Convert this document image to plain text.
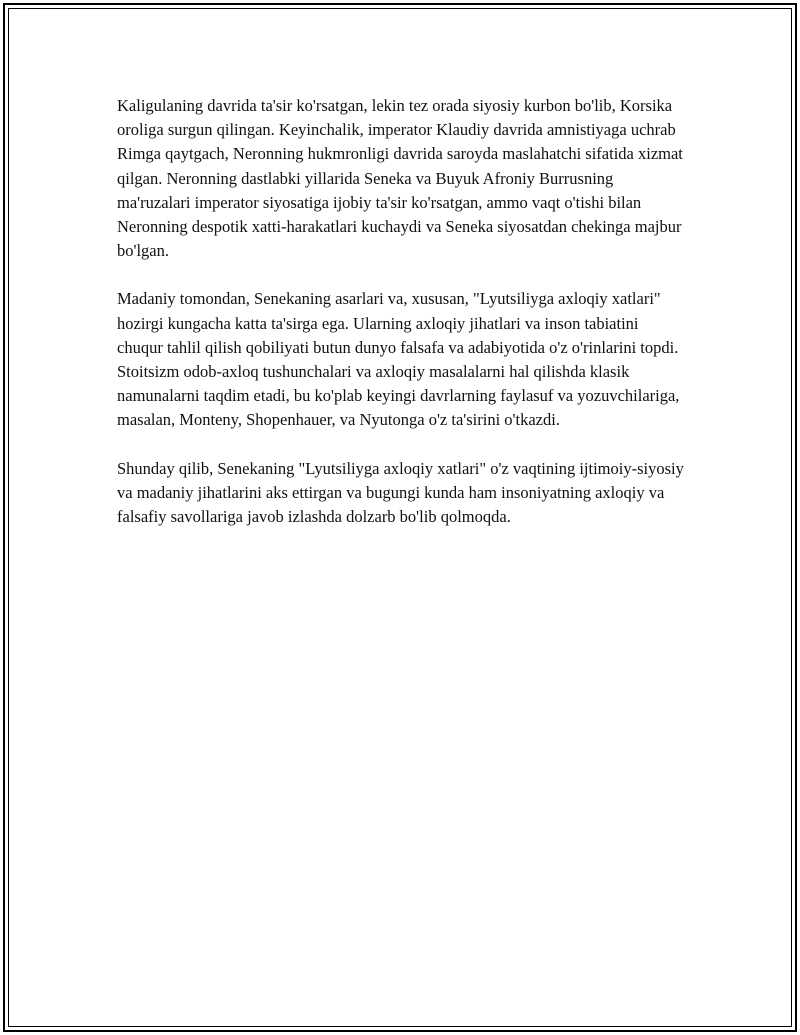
Kaligulaning davrida ta'sir ko'rsatgan, lekin tez orada siyosiy kurbon bo'lib, Korsika oroliga surgun qilingan. Keyinchalik, imperator Klaudiy davrida amnistiyaga uchrab Rimga qaytgach, Neronning hukmronligi davrida saroyda maslahatchi sifatida xizmat qilgan. Neronning dastlabki yillarida Seneka va Buyuk Afroniy Burrusning ma'ruzalari imperator siyosatiga ijobiy ta'sir ko'rsatgan, ammo vaqt o'tishi bilan Neronning despotik xatti-harakatlari kuchaydi va Seneka siyosatdan chekinga majbur bo'lgan.

Madaniy tomondan, Senekaning asarlari va, xususan, "Lyutsiliyga axloqiy xatlari" hozirgi kungacha katta ta'sirga ega. Ularning axloqiy jihatlari va inson tabiatini chuqur tahlil qilish qobiliyati butun dunyo falsafa va adabiyotida o'z o'rinlarini topdi. Stoitsizm odob-axloq tushunchalari va axloqiy masalalarni hal qilishda klasik namunalarni taqdim etadi, bu ko'plab keyingi davrlarning faylasuf va yozuvchilariga, masalan, Monteny, Shopenhauer, va Nyutonga o'z ta'sirini o'tkazdi.

Shunday qilib, Senekaning "Lyutsiliyga axloqiy xatlari" o'z vaqtining ijtimoiy-siyosiy va madaniy jihatlarini aks ettirgan va bugungi kunda ham insoniyatning axloqiy va falsafiy savollariga javob izlashda dolzarb bo'lib qolmoqda.
